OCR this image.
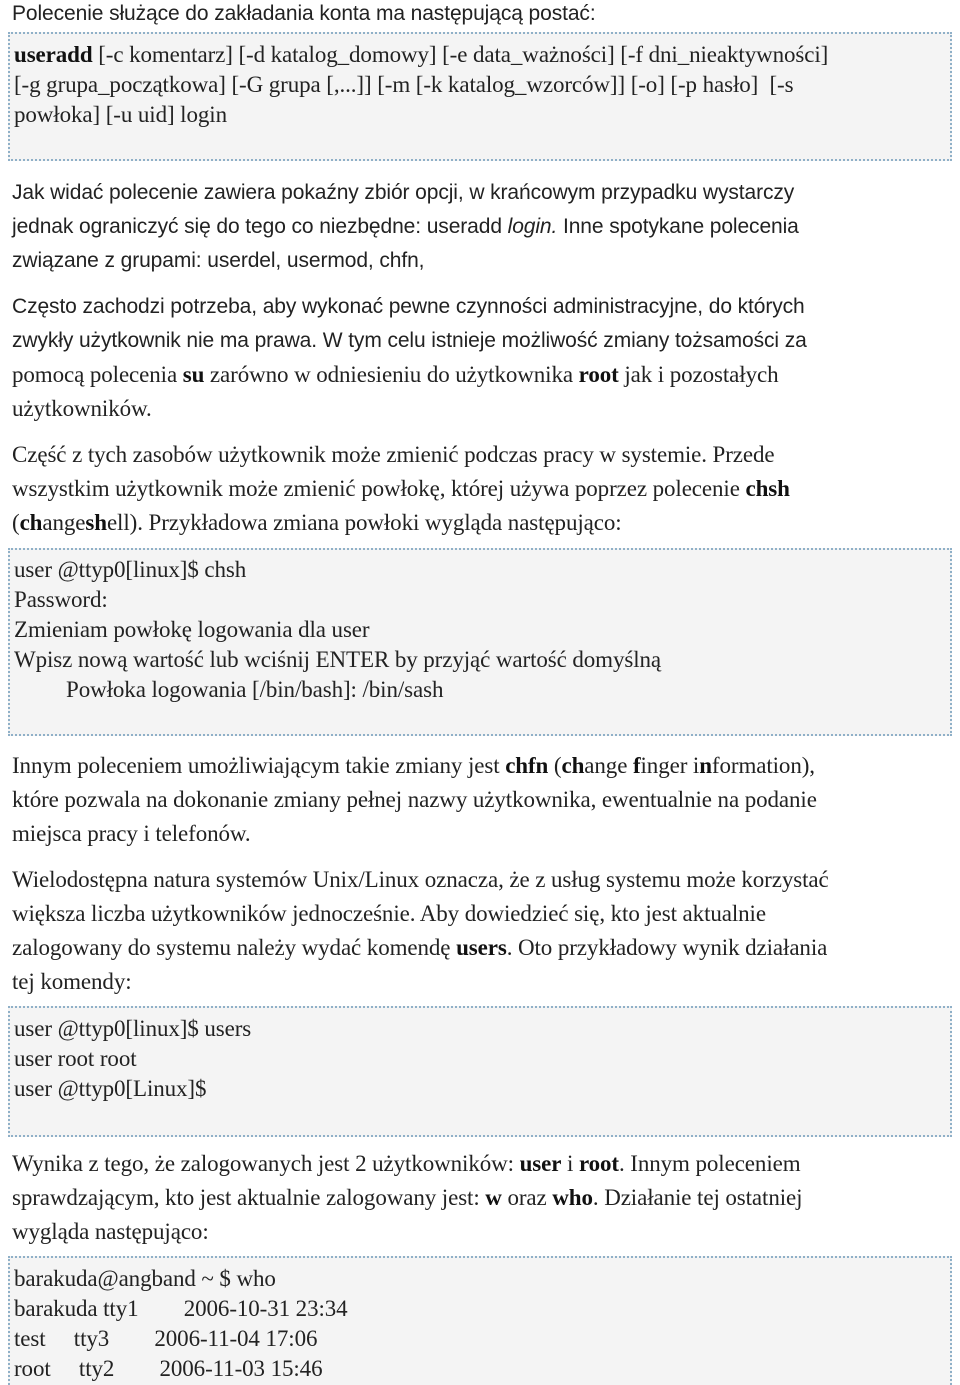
Polecenie służące do zakładania konta ma następującą postać:
useradd [-c komentarz] [-d katalog_domowy] [-e data_ważności] [-f dni_nieaktywności]
[-g grupa_początkowa] [-G grupa [,...]] [-m [-k katalog_wzorców]] [-o] [-p hasło]  [-s
powłoka] [-u uid] login
Jak widać polecenie zawiera pokaźny zbiór opcji, w krańcowym przypadku wystarczy
jednak ograniczyć się do tego co niezbędne: useradd login. Inne spotykane polecenia
związane z grupami: userdel, usermod, chfn,
Często zachodzi potrzeba, aby wykonać pewne czynności administracyjne, do których
zwykły użytkownik nie ma prawa. W tym celu istnieje możliwość zmiany tożsamości za
pomocą polecenia su zarówno w odniesieniu do użytkownika root jak i pozostałych
użytkowników.
Część z tych zasobów użytkownik może zmienić podczas pracy w systemie. Przede
wszystkim użytkownik może zmienić powłokę, której używa poprzez polecenie chsh
(changeshell). Przykładowa zmiana powłoki wygląda następująco:
user @ttyp0[linux]$ chsh
Password:
Zmieniam powłokę logowania dla user
Wpisz nową wartość lub wciśnij ENTER by przyjąć wartość domyślną
Powłoka logowania [/bin/bash]: /bin/sash
Innym poleceniem umożliwiającym takie zmiany jest chfn (change finger information),
które pozwala na dokonanie zmiany pełnej nazwy użytkownika, ewentualnie na podanie
miejsca pracy i telefonów.
Wielodostępna natura systemów Unix/Linux oznacza, że z usług systemu może korzystać
większa liczba użytkowników jednocześnie. Aby dowiedzieć się, kto jest aktualnie
zalogowany do systemu należy wydać komendę users. Oto przykładowy wynik działania
tej komendy:
user @ttyp0[linux]$ users
user root root
user @ttyp0[Linux]$
Wynika z tego, że zalogowanych jest 2 użytkowników: user i root. Innym poleceniem
sprawdzającym, kto jest aktualnie zalogowany jest: w oraz who. Działanie tej ostatniej
wygląda następująco:
barakuda@angband ~ $ who
barakuda tty1        2006-10-31 23:34
test     tty3        2006-11-04 17:06
root     tty2        2006-11-03 15:46
